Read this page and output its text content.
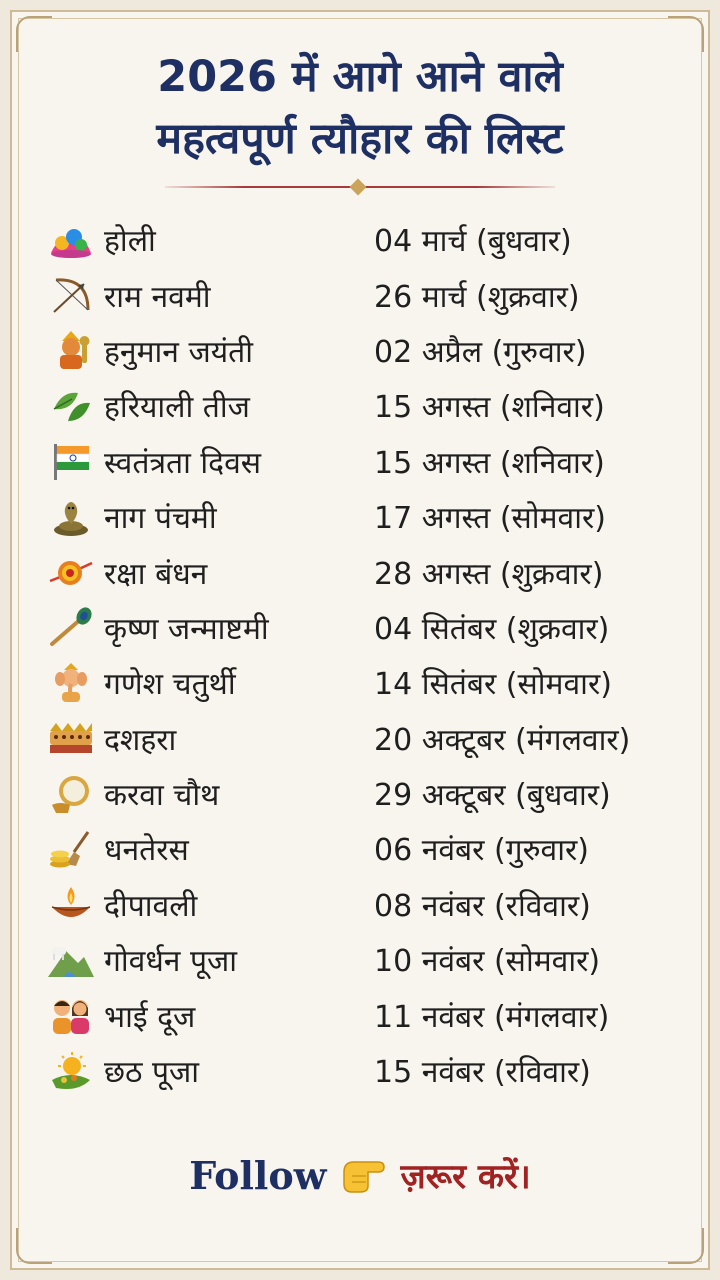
2026 में आगे आने वाले
महत्वपूर्ण त्यौहार की लिस्ट
होली	04 मार्च (बुधवार)
राम नवमी	26 मार्च (शुक्रवार)
हनुमान जयंती	02 अप्रैल (गुरुवार)
हरियाली तीज	15 अगस्त (शनिवार)
स्वतंत्रता दिवस	15 अगस्त (शनिवार)
नाग पंचमी	17 अगस्त (सोमवार)
रक्षा बंधन	28 अगस्त (शुक्रवार)
कृष्ण जन्माष्टमी	04 सितंबर (शुक्रवार)
गणेश चतुर्थी	14 सितंबर (सोमवार)
दशहरा	20 अक्टूबर (मंगलवार)
करवा चौथ	29 अक्टूबर (बुधवार)
धनतेरस	06 नवंबर (गुरुवार)
दीपावली	08 नवंबर (रविवार)
गोवर्धन पूजा	10 नवंबर (सोमवार)
भाई दूज	11 नवंबर (मंगलवार)
छठ पूजा	15 नवंबर (रविवार)
Follow ज़रूर करें।
